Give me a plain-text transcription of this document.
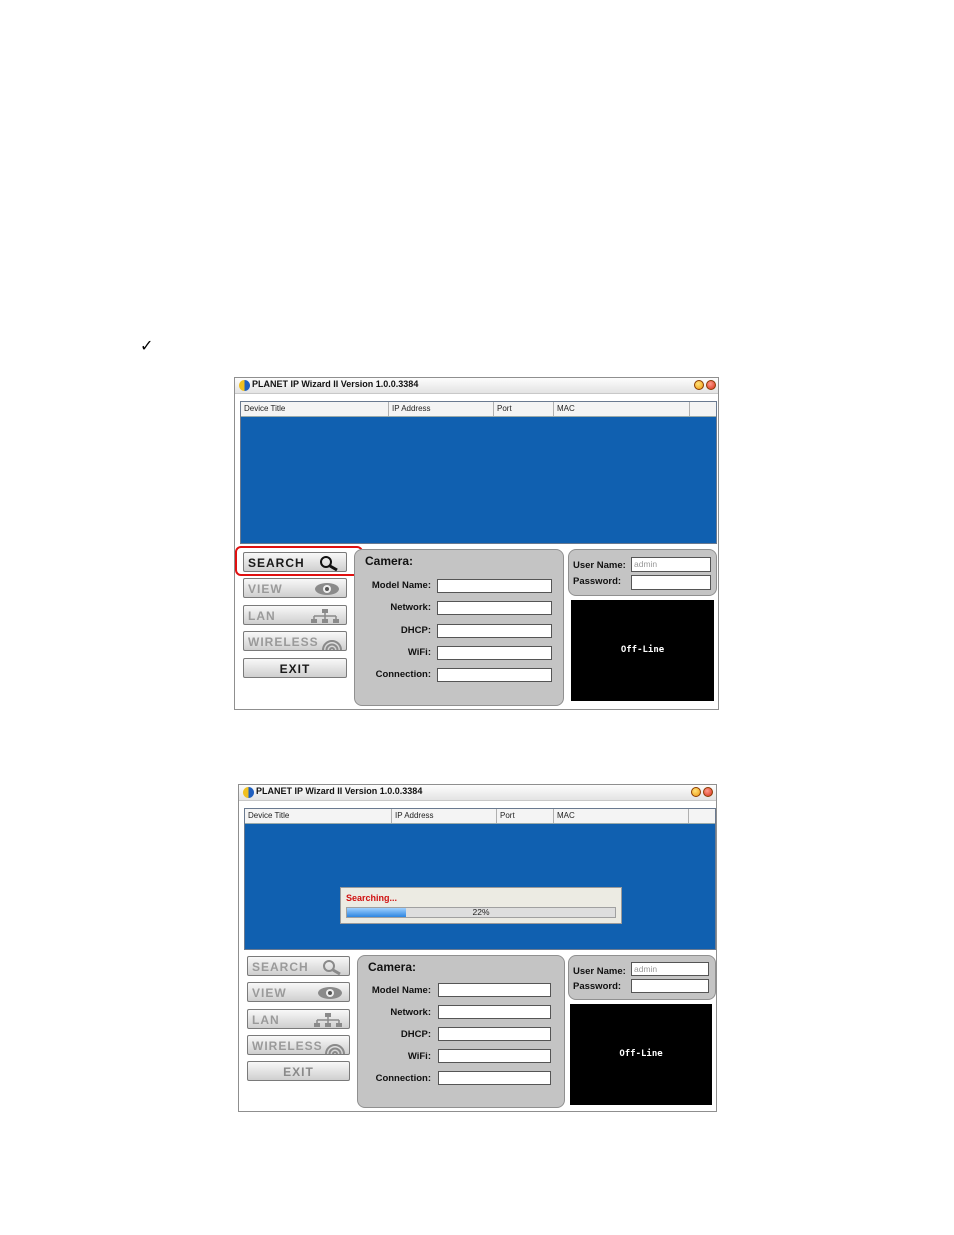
✓
PLANET IP Wizard II Version 1.0.0.3384
Device Title	IP Address	Port	MAC
SEARCH
VIEW
LAN
WIRELESS
EXIT
Camera:
Model Name:
Network:
DHCP:
WiFi:
Connection:
User Name: admin
Password:
Off-Line
PLANET IP Wizard II Version 1.0.0.3384
Device Title	IP Address	Port	MAC
Searching...
22%
SEARCH
VIEW
LAN
WIRELESS
EXIT
Camera:
Model Name:
Network:
DHCP:
WiFi:
Connection:
User Name: admin
Password:
Off-Line
